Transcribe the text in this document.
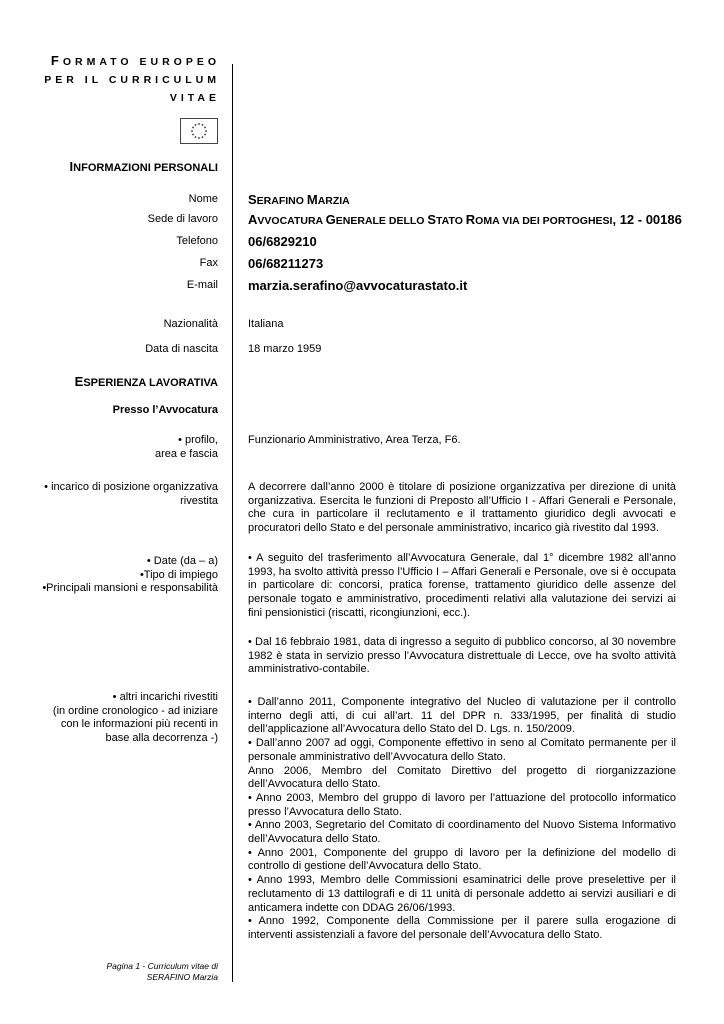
FORMATO EUROPEO
PER IL CURRICULUM
VITAE
INFORMAZIONI PERSONALI
Nome SERAFINO MARZIA
Sede di lavoro AVVOCATURA GENERALE DELLO STATO ROMA VIA DEI PORTOGHESI, 12 - 00186
Telefono 06/6829210
Fax 06/68211273
E-mail marzia.serafino@avvocaturastato.it
Nazionalità	Italiana
Data di nascita	18 marzo 1959
ESPERIENZA LAVORATIVA
Presso l’Avvocatura
• profilo,
area e fascia
Funzionario Amministrativo, Area Terza, F6.
• incarico di posizione organizzativa
rivestita
A decorrere dall’anno 2000 è titolare di posizione organizzativa per direzione di unità organizzativa. Esercita le funzioni di Preposto all’Ufficio I - Affari Generali e Personale, che cura in particolare il reclutamento e il trattamento giuridico degli avvocati e procuratori dello Stato e del personale amministrativo, incarico già rivestito dal 1993.
• Date (da – a)
•Tipo di impiego
•Principali mansioni e responsabilità
• A seguito del trasferimento all’Avvocatura Generale, dal 1° dicembre 1982 all’anno 1993, ha svolto attività presso l’Ufficio I – Affari Generali e Personale, ove si è occupata in particolare di: concorsi, pratica forense, trattamento giuridico delle assenze del personale togato e amministrativo, procedimenti relativi alla valutazione dei servizi ai fini pensionistici (riscatti, ricongiunzioni, ecc.).
• Dal 16 febbraio 1981, data di ingresso a seguito di pubblico concorso, al 30 novembre 1982 è stata in servizio presso l’Avvocatura distrettuale di Lecce, ove ha svolto attività amministrativo-contabile.
• altri incarichi rivestiti
(in ordine cronologico - ad iniziare
con le informazioni più recenti in
base alla decorrenza -)

• Dall’anno 2011, Componente integrativo del Nucleo di valutazione per il controllo interno degli atti, di cui all’art. 11 del DPR n. 333/1995, per finalità di studio dell’applicazione all’Avvocatura dello Stato del D. Lgs. n. 150/2009.

• Dall’anno 2007 ad oggi, Componente effettivo in seno al Comitato permanente per il personale amministrativo dell’Avvocatura dello Stato.

Anno 2006, Membro del Comitato Direttivo del progetto di riorganizzazione dell’Avvocatura dello Stato.

• Anno 2003, Membro del gruppo di lavoro per l’attuazione del protocollo informatico presso l’Avvocatura dello Stato.

• Anno 2003, Segretario del Comitato di coordinamento del Nuovo Sistema Informativo dell’Avvocatura dello Stato.

• Anno 2001, Componente del gruppo di lavoro per la definizione del modello di controllo di gestione dell’Avvocatura dello Stato.

• Anno 1993, Membro delle Commissioni esaminatrici delle prove preselettive per il reclutamento di 13 dattilografi e di 11 unità di personale addetto ai servizi ausiliari e di anticamera indette con DDAG 26/06/1993.

• Anno 1992, Componente della Commissione per il parere sulla erogazione di interventi assistenziali a favore del personale dell’Avvocatura dello Stato.

Pagina 1 - Curriculum vitae di
SERAFINO Marzia
